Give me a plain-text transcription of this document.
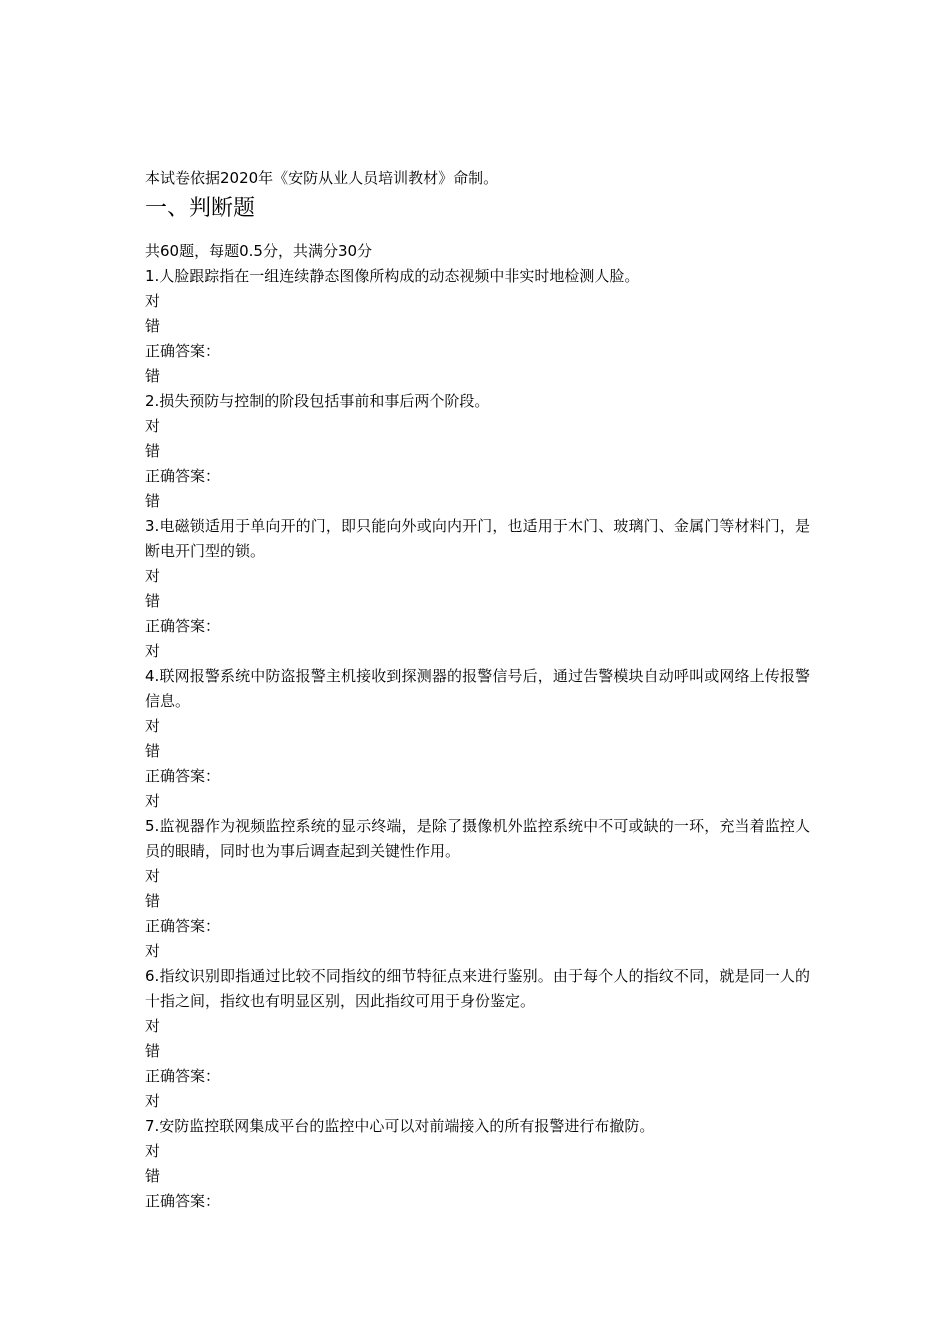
本试卷依据2020年《安防从业人员培训教材》命制。

一、判断题

共60题，每题0.5分，共满分30分

1.人脸跟踪指在一组连续静态图像所构成的动态视频中非实时地检测人脸。

对

错

正确答案：

错

2.损失预防与控制的阶段包括事前和事后两个阶段。

对

错

正确答案：

错

3.电磁锁适用于单向开的门，即只能向外或向内开门，也适用于木门、玻璃门、金属门等材料门，是断电开门型的锁。

对

错

正确答案：

对

4.联网报警系统中防盗报警主机接收到探测器的报警信号后，通过告警模块自动呼叫或网络上传报警信息。

对

错

正确答案：

对

5.监视器作为视频监控系统的显示终端，是除了摄像机外监控系统中不可或缺的一环，充当着监控人员的眼睛，同时也为事后调查起到关键性作用。

对

错

正确答案：

对

6.指纹识别即指通过比较不同指纹的细节特征点来进行鉴别。由于每个人的指纹不同，就是同一人的十指之间，指纹也有明显区别，因此指纹可用于身份鉴定。

对

错

正确答案：

对

7.安防监控联网集成平台的监控中心可以对前端接入的所有报警进行布撤防。

对

错

正确答案：
